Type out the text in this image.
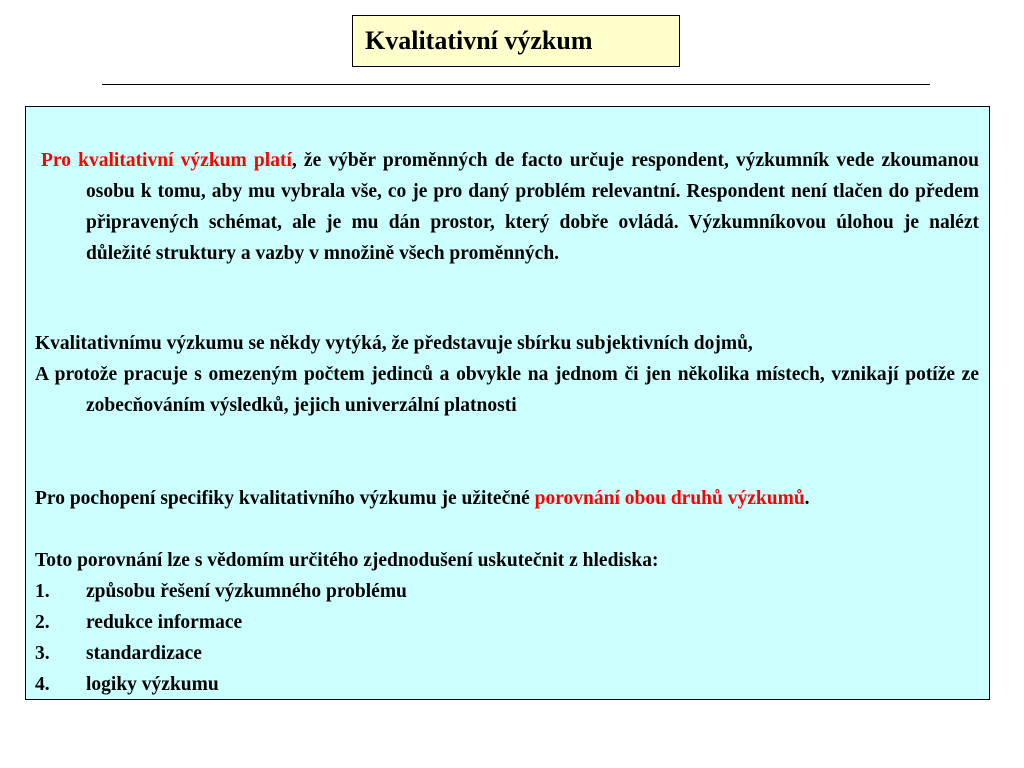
Kvalitativní výzkum
Pro kvalitativní výzkum platí, že výběr proměnných de facto určuje respondent, výzkumník vede zkoumanou osobu k tomu, aby mu vybrala vše, co je pro daný problém relevantní. Respondent není tlačen do předem připravených schémat, ale je mu dán prostor, který dobře ovládá. Výzkumníkovou úlohou je nalézt důležité struktury a vazby v množině všech proměnných.
Kvalitativnímu výzkumu se někdy vytýká, že představuje sbírku subjektivních dojmů,
A protože pracuje s omezeným počtem jedinců a obvykle na jednom či jen několika místech, vznikají potíže ze zobecňováním výsledků, jejich univerzální platnosti
Pro pochopení specifiky kvalitativního výzkumu je užitečné porovnání obou druhů výzkumů.
Toto porovnání lze s vědomím určitého zjednodušení uskutečnit z hlediska:
1. způsobu řešení výzkumného problému
2. redukce informace
3. standardizace
4. logiky výzkumu
